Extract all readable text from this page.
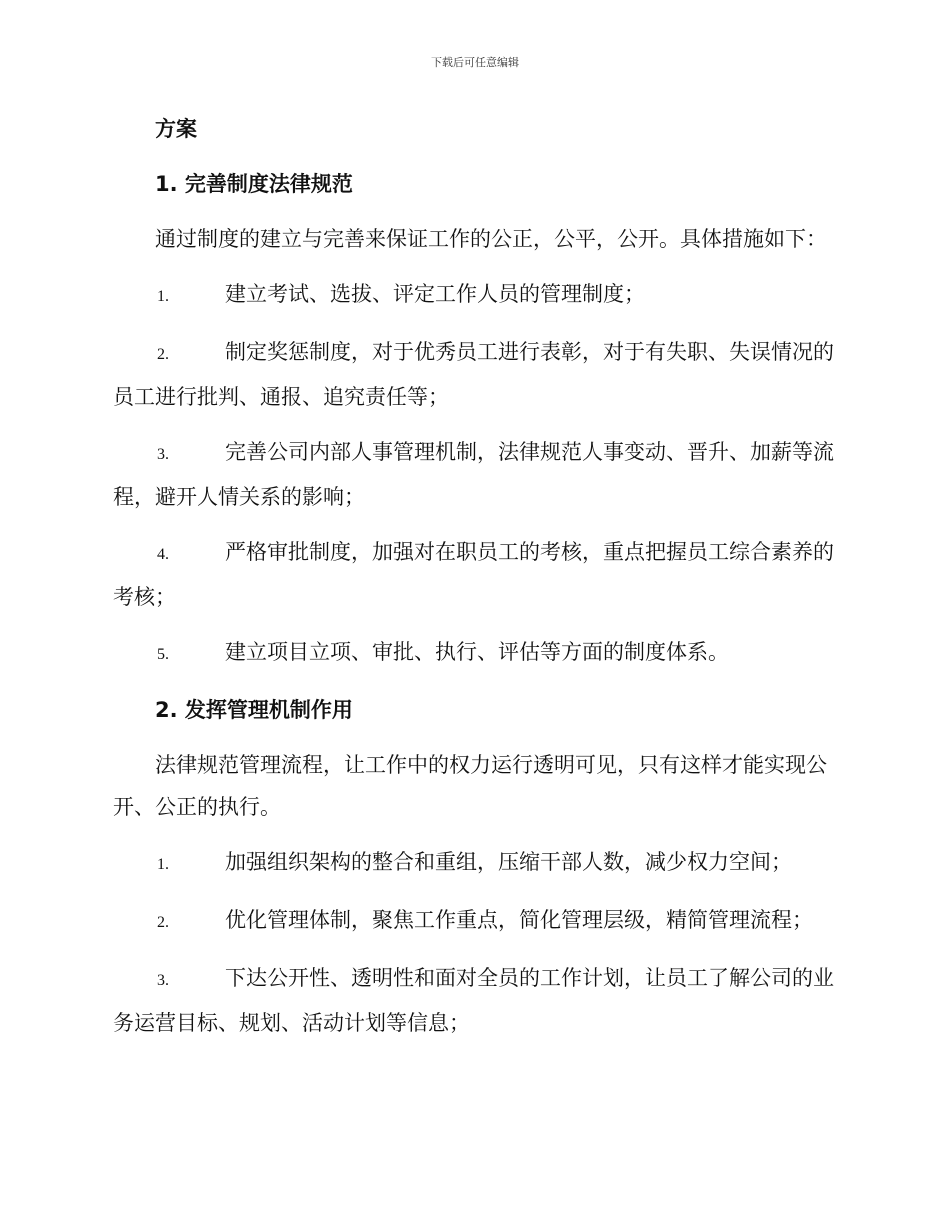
下载后可任意编辑
方案
1. 完善制度法律规范

通过制度的建立与完善来保证工作的公正，公平，公开。具体措施如下：

1.	建立考试、选拔、评定工作人员的管理制度；

2.	制定奖惩制度，对于优秀员工进行表彰，对于有失职、失误情况的员工进行批判、通报、追究责任等；

3.	完善公司内部人事管理机制，法律规范人事变动、晋升、加薪等流程，避开人情关系的影响；

4.	严格审批制度，加强对在职员工的考核，重点把握员工综合素养的考核；

5.	建立项目立项、审批、执行、评估等方面的制度体系。

2. 发挥管理机制作用

法律规范管理流程，让工作中的权力运行透明可见，只有这样才能实现公开、公正的执行。

1.	加强组织架构的整合和重组，压缩干部人数，减少权力空间；

2.	优化管理体制，聚焦工作重点，简化管理层级，精简管理流程；

3.	下达公开性、透明性和面对全员的工作计划，让员工了解公司的业务运营目标、规划、活动计划等信息；
